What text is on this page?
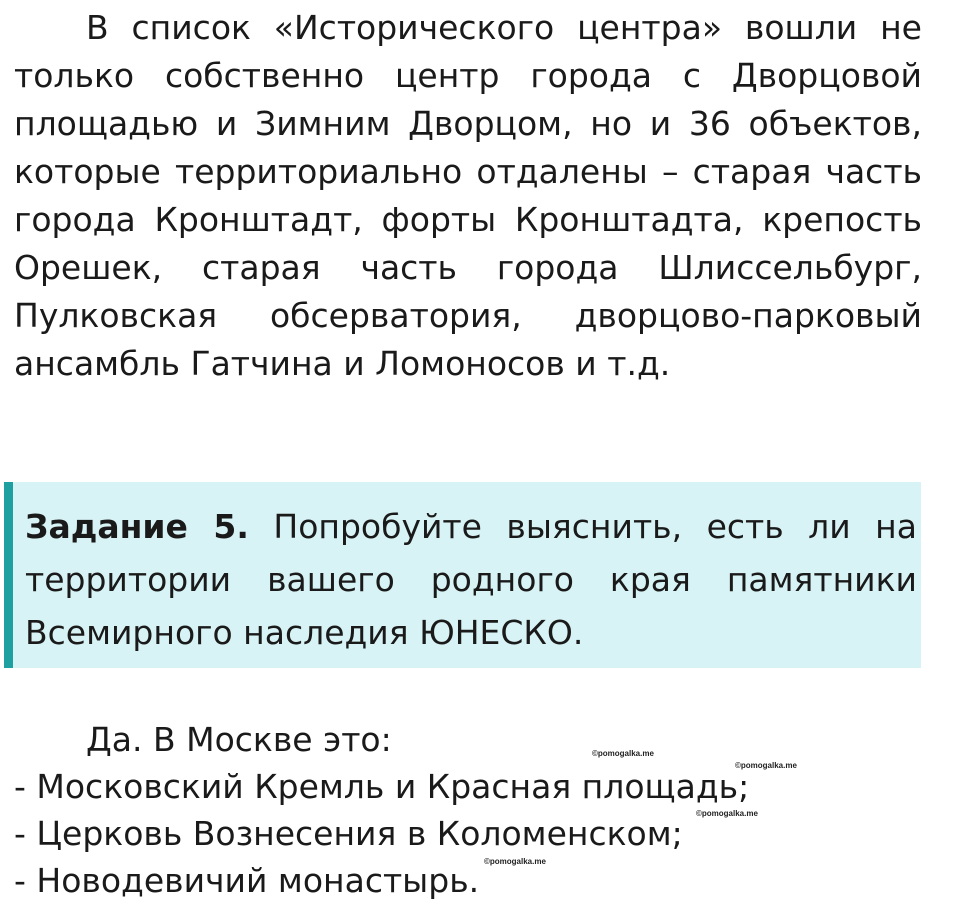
В список «Исторического центра» вошли не
только собственно центр города с Дворцовой
площадью и Зимним Дворцом, но и 36 объектов,
которые территориально отдалены – старая часть
города Кронштадт, форты Кронштадта, крепость
Орешек, старая часть города Шлиссельбург,
Пулковская обсерватория, дворцово-парковый
ансамбль Гатчина и Ломоносов и т.д.
Задание 5. Попробуйте выяснить, есть ли на
территории вашего родного края памятники
Всемирного наследия ЮНЕСКО.
Да. В Москве это:
- Московский Кремль и Красная площадь;
- Церковь Вознесения в Коломенском;
- Новодевичий монастырь.
©pomogalka.me
©pomogalka.me
©pomogalka.me
©pomogalka.me
